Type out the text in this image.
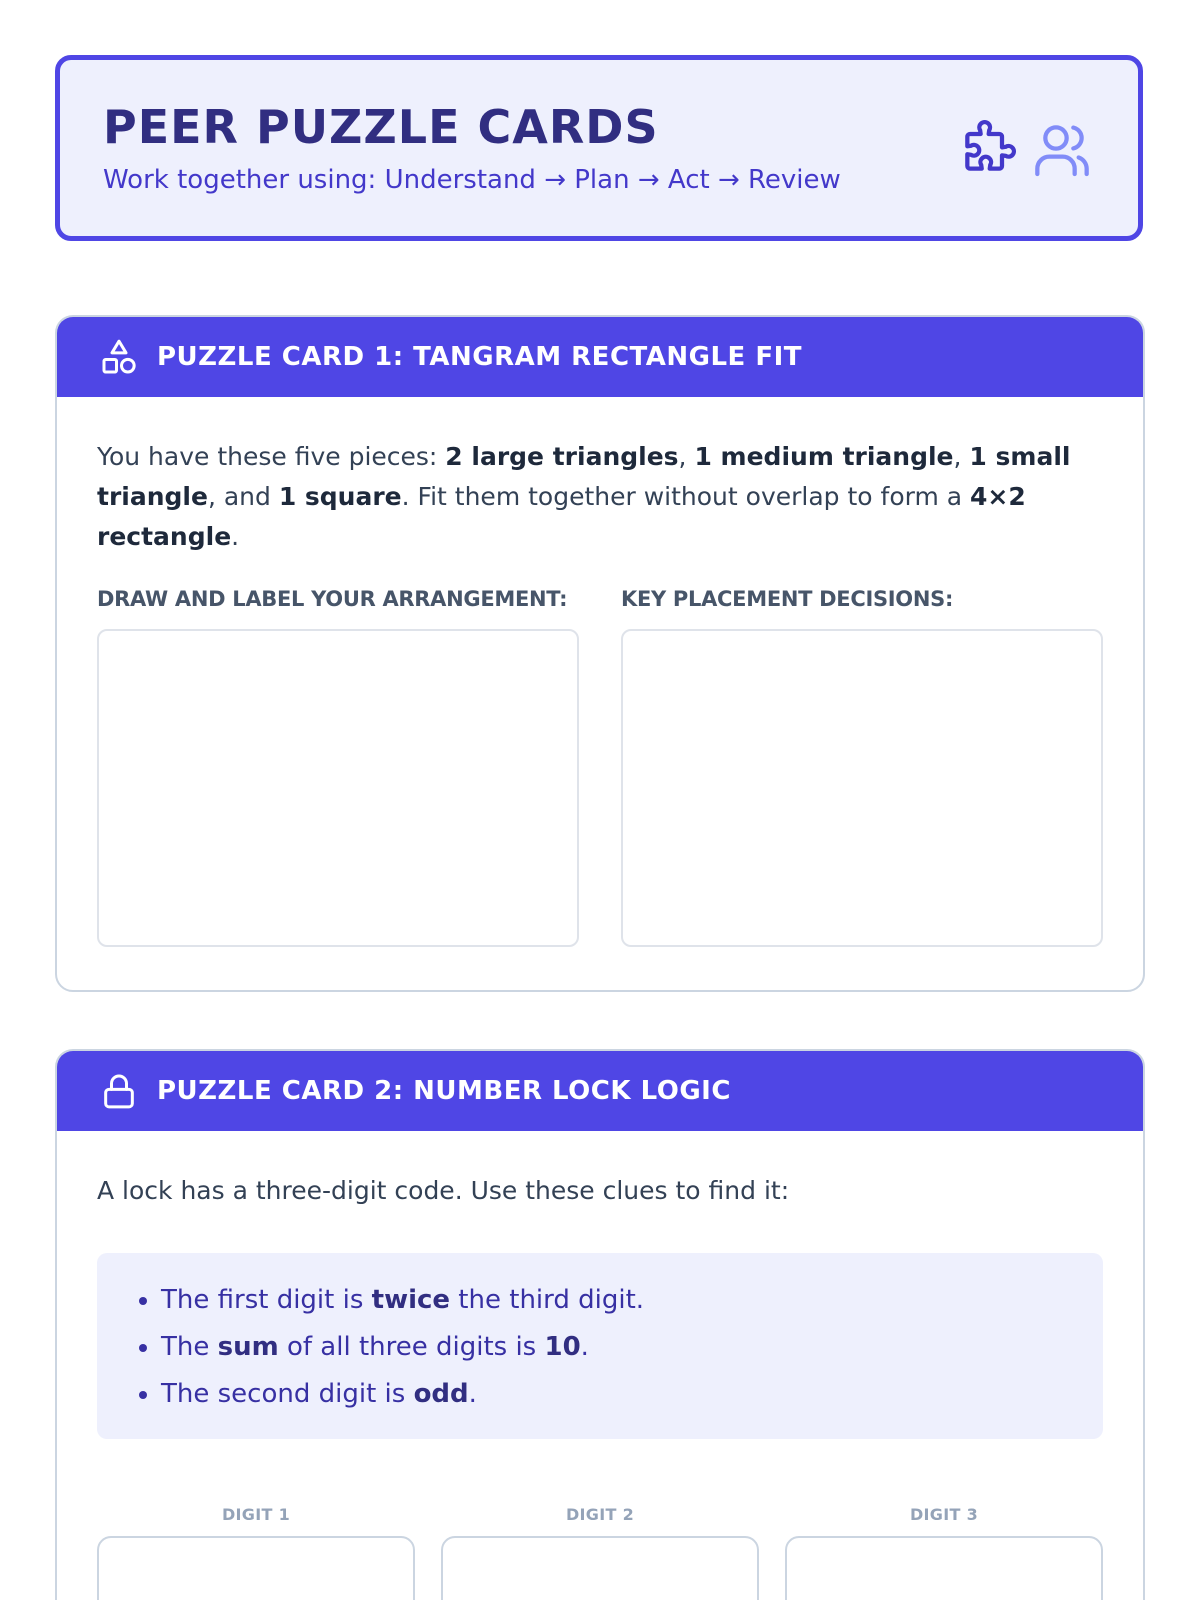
PEER PUZZLE CARDS
Work together using: Understand → Plan → Act → Review
PUZZLE CARD 1: TANGRAM RECTANGLE FIT

You have these five pieces: 2 large triangles, 1 medium triangle, 1 small triangle, and 1 square. Fit them together without overlap to form a 4×2 rectangle.

DRAW AND LABEL YOUR ARRANGEMENT:	KEY PLACEMENT DECISIONS:
PUZZLE CARD 2: NUMBER LOCK LOGIC

A lock has a three-digit code. Use these clues to find it:

• The first digit is twice the third digit.
• The sum of all three digits is 10.
• The second digit is odd.
DIGIT 1	DIGIT 2	DIGIT 3
